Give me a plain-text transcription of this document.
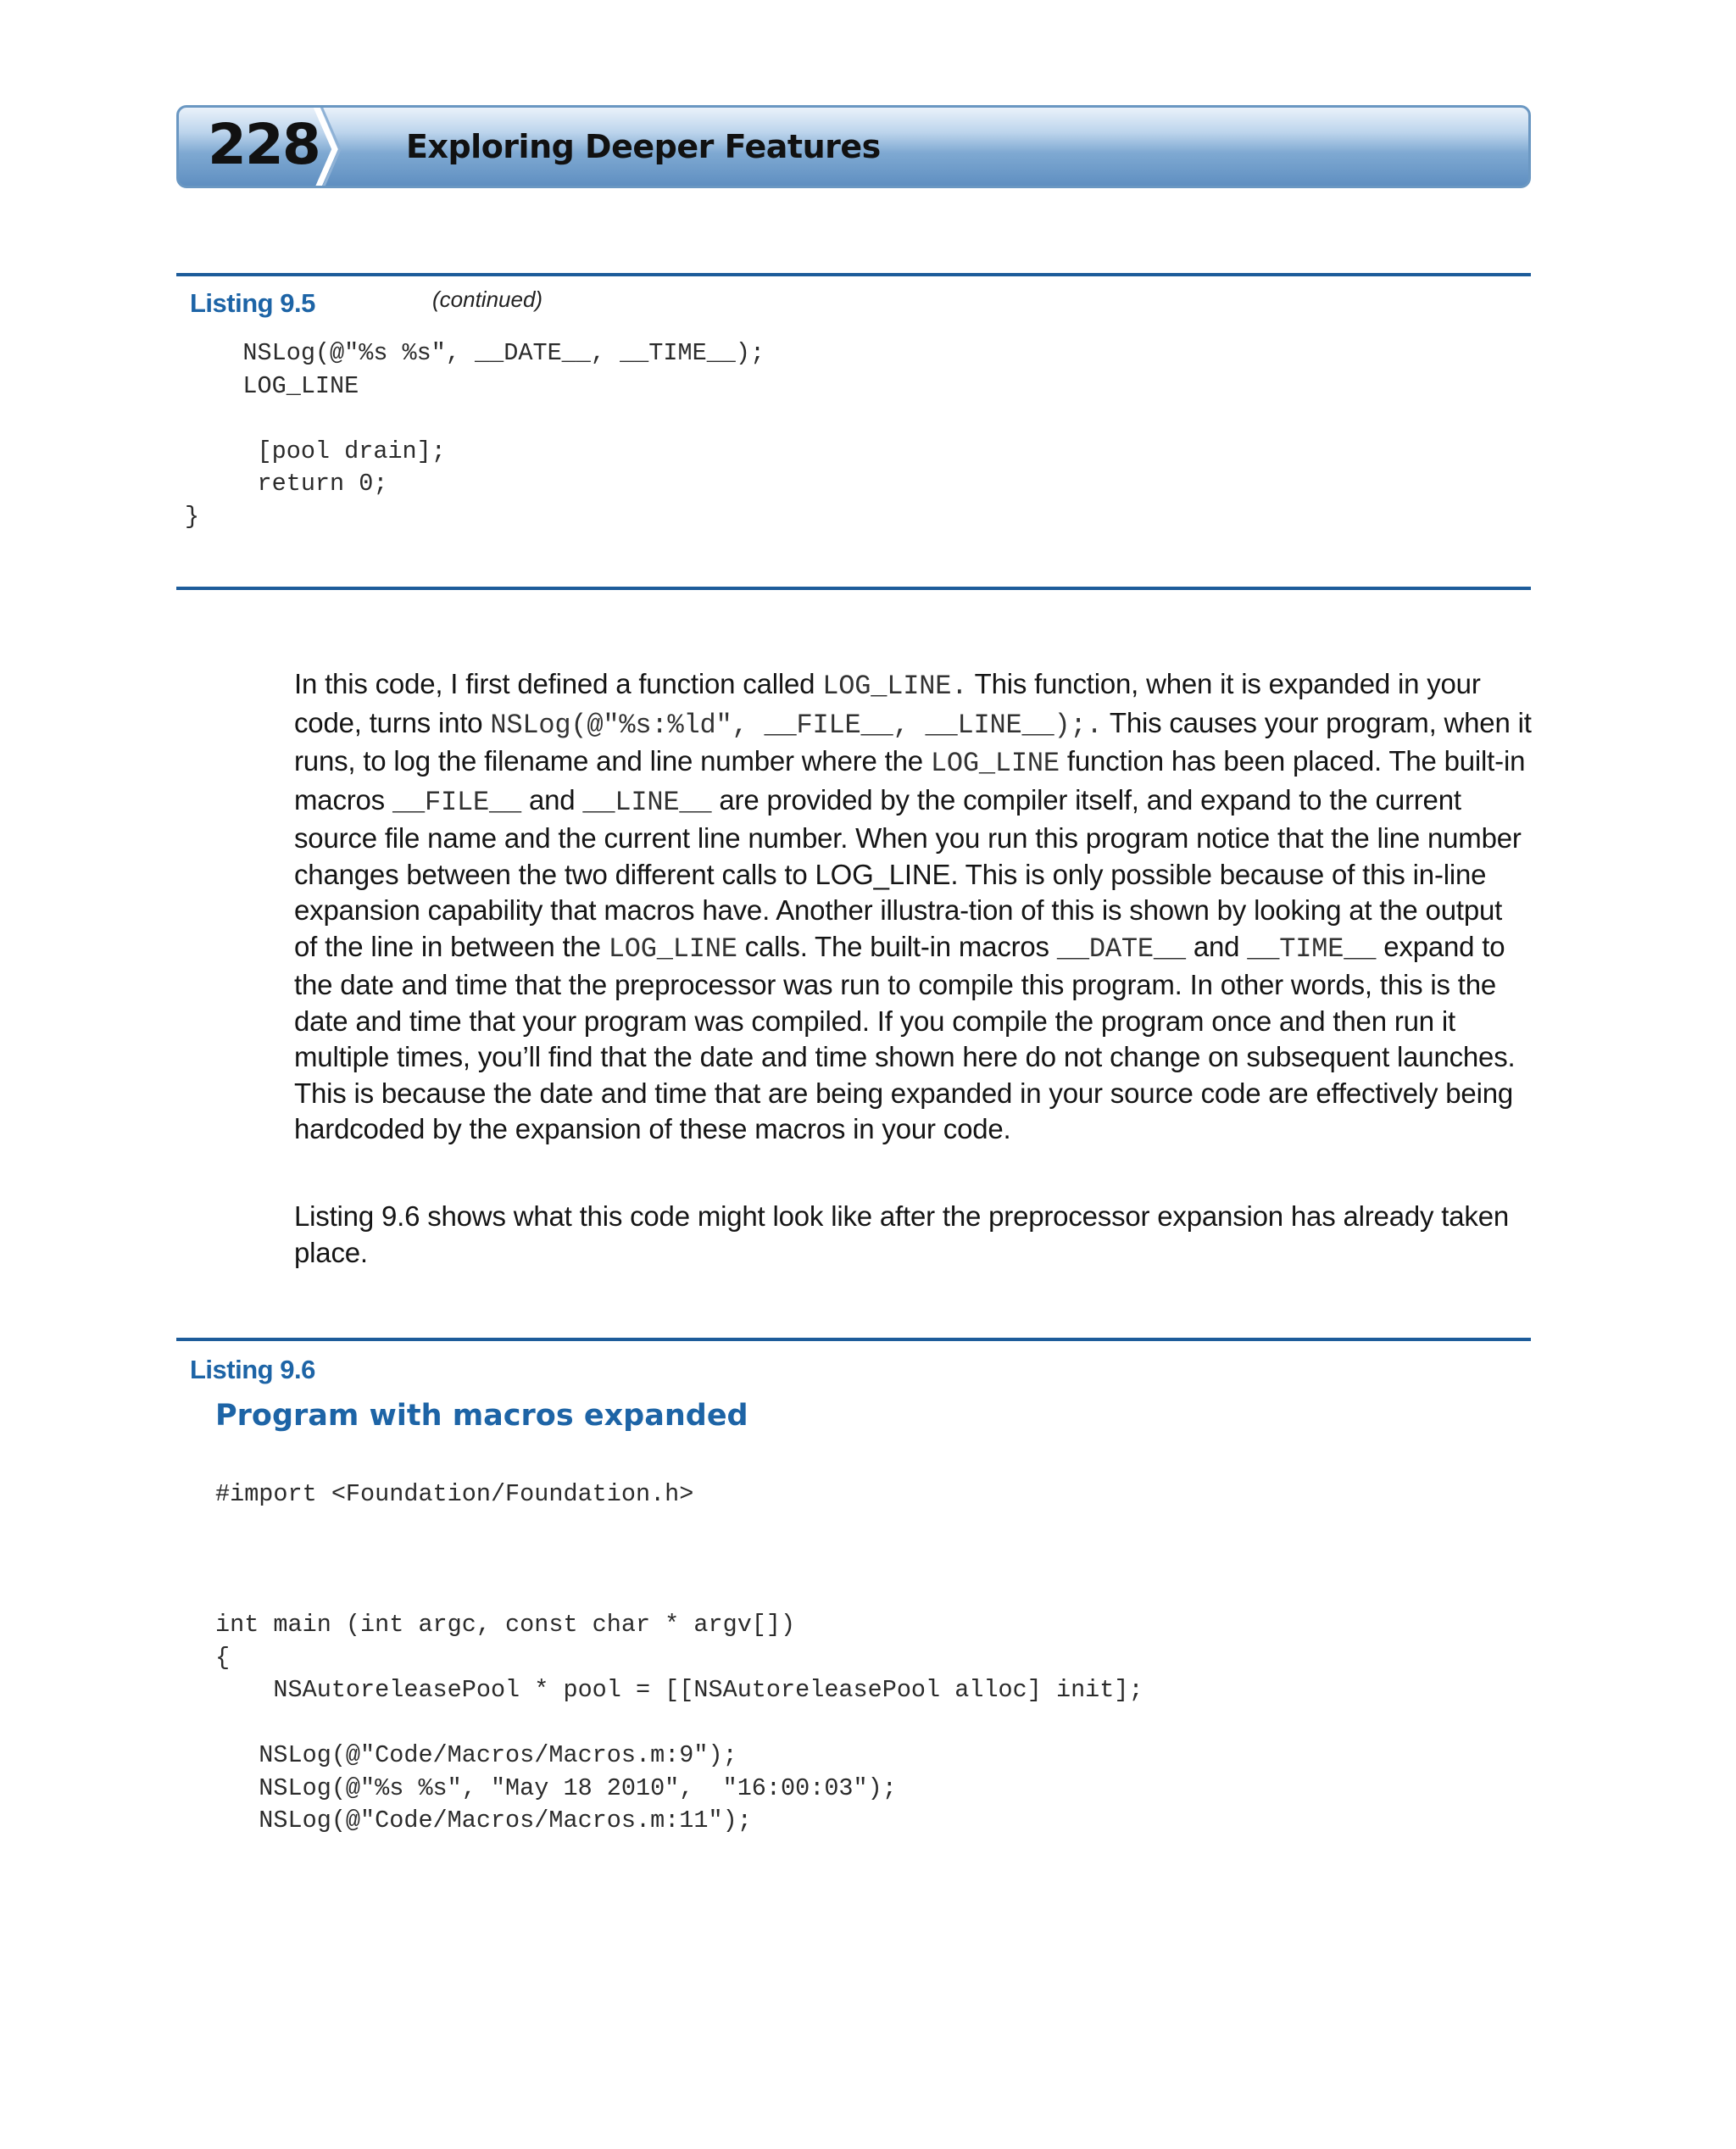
228	Exploring Deeper Features
Listing 9.5	(continued)
NSLog(@"%s %s", __DATE__, __TIME__);
LOG_LINE

[pool drain];
return 0;
}

In this code, I first defined a function called LOG_LINE. This function, when it is expanded in your code, turns into NSLog(@"%s:%ld", __FILE__, __LINE__);. This causes your program, when it runs, to log the filename and line number where the LOG_LINE function has been placed. The built-in macros __FILE__ and __LINE__ are provided by the compiler itself, and expand to the current source file name and the current line number. When you run this program notice that the line number changes between the two different calls to LOG_LINE. This is only possible because of this in-line expansion capability that macros have. Another illustra-tion of this is shown by looking at the output of the line in between the LOG_LINE calls. The built-in macros __DATE__ and __TIME__ expand to the date and time that the preprocessor was run to compile this program. In other words, this is the date and time that your program was compiled. If you compile the program once and then run it multiple times, you’ll find that the date and time shown here do not change on subsequent launches. This is because the date and time that are being expanded in your source code are effectively being hardcoded by the expansion of these macros in your code.

Listing 9.6 shows what this code might look like after the preprocessor expansion has already taken place.

Listing 9.6
Program with macros expanded
#import <Foundation/Foundation.h>
int main (int argc, const char * argv[])
{
NSAutoreleasePool * pool = [[NSAutoreleasePool alloc] init];

NSLog(@"Code/Macros/Macros.m:9");
NSLog(@"%s %s", "May 18 2010",  "16:00:03");
NSLog(@"Code/Macros/Macros.m:11");
